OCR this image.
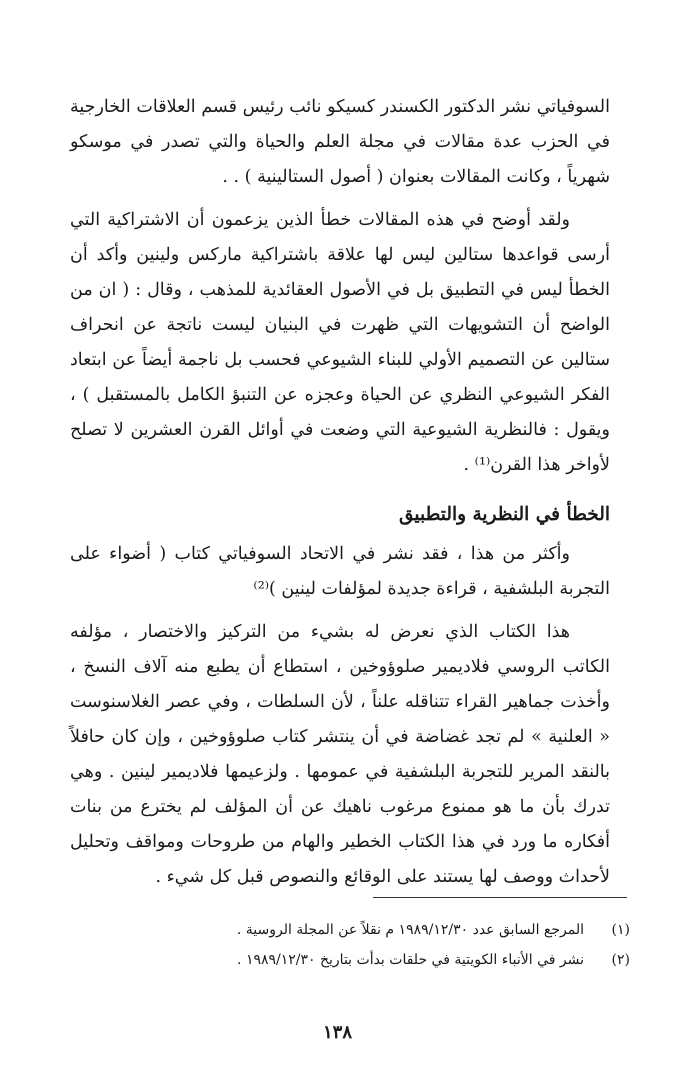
السوفياتي نشر الدكتور الكسندر كسيكو نائب رئيس قسم العلاقات الخارجية في الحزب عدة مقالات في مجلة العلم والحياة والتي تصدر في موسكو شهرياً ، وكانت المقالات بعنوان ( أصول الستالينية ) . .

ولقد أوضح في هذه المقالات خطأ الذين يزعمون أن الاشتراكية التي أرسى قواعدها ستالين ليس لها علاقة باشتراكية ماركس ولينين وأكد أن الخطأ ليس في التطبيق بل في الأصول العقائدية للمذهب ، وقال : ( ان من الواضح أن التشويهات التي ظهرت في البنيان ليست ناتجة عن انحراف ستالين عن التصميم الأولي للبناء الشيوعي فحسب بل ناجمة أيضاً عن ابتعاد الفكر الشيوعي النظري عن الحياة وعجزه عن التنبؤ الكامل بالمستقبل ) ، ويقول : فالنظرية الشيوعية التي وضعت في أوائل القرن العشرين لا تصلح لأواخر هذا القرن⁽¹⁾ .

الخطأ في النظرية والتطبيق

وأكثر من هذا ، فقد نشر في الاتحاد السوفياتي كتاب ( أضواء على التجربة البلشفية ، قراءة جديدة لمؤلفات لينين )⁽²⁾

هذا الكتاب الذي نعرض له بشيء من التركيز والاختصار ، مؤلفه الكاتب الروسي فلاديمير صلوؤوخين ، استطاع أن يطبع منه آلاف النسخ ، وأخذت جماهير القراء تتناقله علناً ، لأن السلطات ، وفي عصر الغلاسنوست « العلنية » لم تجد غضاضة في أن ينتشر كتاب صلوؤوخين ، وإن كان حافلاً بالنقد المرير للتجربة البلشفية في عمومها . ولزعيمها فلاديمير لينين . وهي تدرك بأن ما هو ممنوع مرغوب ناهيك عن أن المؤلف لم يخترع من بنات أفكاره ما ورد في هذا الكتاب الخطير والهام من طروحات ومواقف وتحليل لأحداث ووصف لها يستند على الوقائع والنصوص قبل كل شيء .

(١)
المرجع السابق عدد ١٩٨٩/١٢/٣٠ م نقلاً عن المجلة الروسية .
(٢)
نشر في الأنباء الكويتية في حلقات بدأت بتاريخ ١٩٨٩/١٢/٣٠ .
١٣٨
